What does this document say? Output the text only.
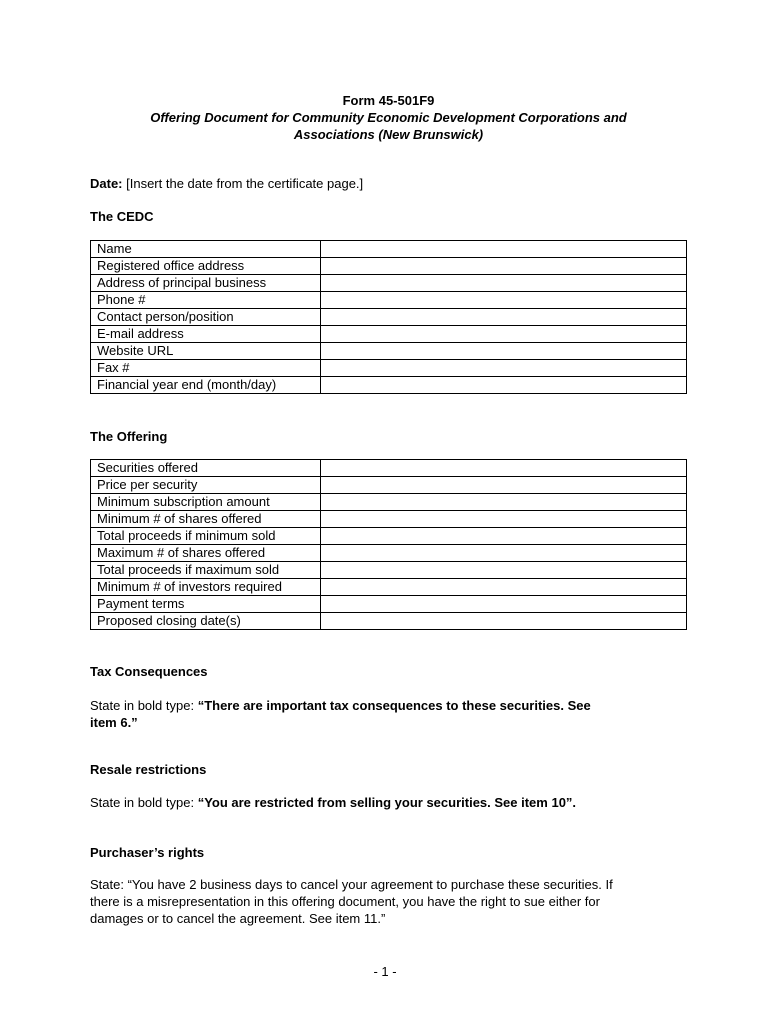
Form 45-501F9
Offering Document for Community Economic Development Corporations and
Associations (New Brunswick)
Date: [Insert the date from the certificate page.]
The CEDC
Name	
Registered office address	
Address of principal business	
Phone #	
Contact person/position	
E-mail address	
Website URL	
Fax #	
Financial year end (month/day)	
The Offering
Securities offered	
Price per security	
Minimum subscription amount	
Minimum # of shares offered	
Total proceeds if minimum sold	
Maximum # of shares offered	
Total proceeds if maximum sold	
Minimum # of investors required	
Payment terms	
Proposed closing date(s)	
Tax Consequences
State in bold type: “There are important tax consequences to these securities. See
item 6.”
Resale restrictions
State in bold type: “You are restricted from selling your securities. See item 10”.
Purchaser’s rights
State: “You have 2 business days to cancel your agreement to purchase these securities. If
there is a misrepresentation in this offering document, you have the right to sue either for
damages or to cancel the agreement. See item 11.”
- 1 -
